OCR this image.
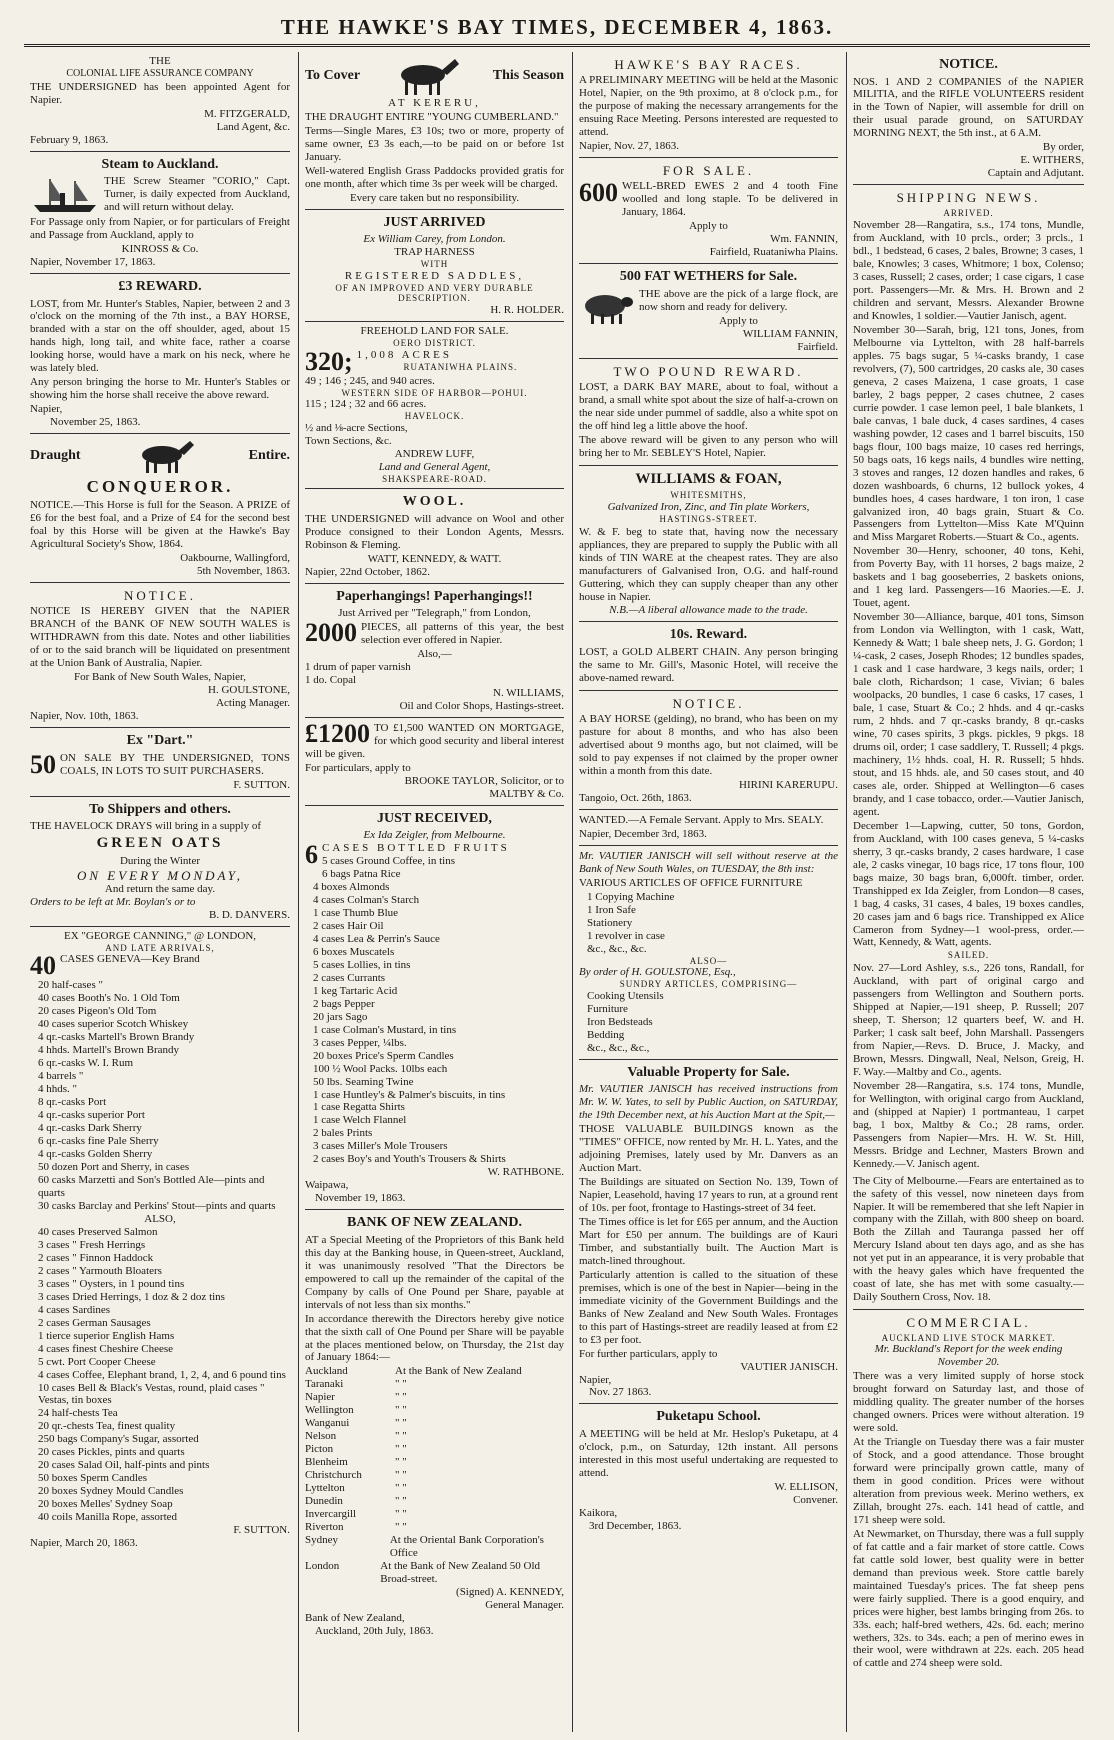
THE HAWKE'S BAY TIMES, DECEMBER 4, 1863.
THE
COLONIAL LIFE ASSURANCE COMPANY
THE UNDERSIGNED has been appointed Agent for Napier.
M. FITZGERALD,
Land Agent, &c.
February 9, 1863.
Steam to Auckland.
THE Screw Steamer "CORIO," Capt. Turner, is daily expected from Auckland, and will return without delay.
For Passage only from Napier, or for particulars of Freight and Passage from Auckland, apply to
KINROSS & Co.
Napier, November 17, 1863.
£3 REWARD.
LOST, from Mr. Hunter's Stables, Napier, between 2 and 3 o'clock on the morning of the 7th inst., a BAY HORSE, branded with a star on the off shoulder, aged, about 15 hands high, long tail, and white face, rather a coarse looking horse, would have a mark on his neck, where he was lately bled.
Any person bringing the horse to Mr. Hunter's Stables or showing him the horse shall receive the above reward.
Napier,
November 25, 1863.
Draught	Entire.
CONQUEROR.
NOTICE.—This Horse is full for the Season. A PRIZE of £6 for the best foal, and a Prize of £4 for the second best foal by this Horse will be given at the Hawke's Bay Agricultural Society's Show, 1864.
Oakbourne, Wallingford,
5th November, 1863.
NOTICE.
NOTICE IS HEREBY GIVEN that the NAPIER BRANCH of the BANK OF NEW SOUTH WALES is WITHDRAWN from this date. Notes and other liabilities of or to the said branch will be liquidated on presentment at the Union Bank of Australia, Napier.
For Bank of New South Wales, Napier,
H. GOULSTONE,
Acting Manager.
Napier, Nov. 10th, 1863.
Ex "Dart."
50 ON SALE BY THE UNDERSIGNED, TONS COALS, IN LOTS TO SUIT PURCHASERS.
F. SUTTON.
To Shippers and others.
THE HAVELOCK DRAYS will bring in a supply of
GREEN OATS
During the Winter
ON EVERY MONDAY,
And return the same day.
Orders to be left at Mr. Boylan's or to
B. D. DANVERS.
EX "GEORGE CANNING," @ LONDON,
AND LATE ARRIVALS,
40 CASES GENEVA—Key Brand
20 half-cases "
40 cases Booth's No. 1 Old Tom
20 cases Pigeon's Old Tom
40 cases superior Scotch Whiskey
4 qr.-casks Martell's Brown Brandy
4 hhds. Martell's Brown Brandy
6 qr.-casks W. I. Rum
4 barrels "
4 hhds. "
8 qr.-casks Port
4 qr.-casks superior Port
4 qr.-casks Dark Sherry
6 qr.-casks fine Pale Sherry
4 qr.-casks Golden Sherry
50 dozen Port and Sherry, in cases
60 casks Marzetti and Son's Bottled Ale—pints and quarts
30 casks Barclay and Perkins' Stout—pints and quarts
ALSO,
40 cases Preserved Salmon
3 cases " Fresh Herrings
2 cases " Finnon Haddock
2 cases " Yarmouth Bloaters
3 cases " Oysters, in 1 pound tins
3 cases Dried Herrings, 1 doz & 2 doz tins
4 cases Sardines
2 cases German Sausages
1 tierce superior English Hams
4 cases finest Cheshire Cheese
5 cwt. Port Cooper Cheese
4 cases Coffee, Elephant brand, 1, 2, 4, and 6 pound tins
10 cases Bell & Black's Vestas, round, plaid cases " Vestas, tin boxes
24 half-chests Tea
20 qr.-chests Tea, finest quality
250 bags Company's Sugar, assorted
20 cases Pickles, pints and quarts
20 cases Salad Oil, half-pints and pints
50 boxes Sperm Candles
20 boxes Sydney Mould Candles
20 boxes Melles' Sydney Soap
40 coils Manilla Rope, assorted
F. SUTTON.
Napier, March 20, 1863.
To Cover	This Season
AT KERERU,
THE DRAUGHT ENTIRE "YOUNG CUMBERLAND."
Terms—Single Mares, £3 10s; two or more, property of same owner, £3 3s each,—to be paid on or before 1st January.
Well-watered English Grass Paddocks provided gratis for one month, after which time 3s per week will be charged.
Every care taken but no responsibility.
JUST ARRIVED
Ex William Carey, from London.
TRAP HARNESS
WITH
REGISTERED SADDLES,
OF AN IMPROVED AND VERY DURABLE DESCRIPTION.
H. R. HOLDER.
FREEHOLD LAND FOR SALE.
OERO DISTRICT.
320; 1,008 ACRES
RUATANIWHA PLAINS.
49 ; 146 ; 245, and 940 acres.
WESTERN SIDE OF HARBOR—POHUI.
115 ; 124 ; 32 and 66 acres.
HAVELOCK.
½ and ⅛-acre Sections,
Town Sections, &c.
ANDREW LUFF,
Land and General Agent,
SHAKSPEARE-ROAD.
WOOL.
THE UNDERSIGNED will advance on Wool and other Produce consigned to their London Agents, Messrs. Robinson & Fleming.
WATT, KENNEDY, & WATT.
Napier, 22nd October, 1862.
Paperhangings! Paperhangings!!
Just Arrived per "Telegraph," from London,
2000 PIECES, all patterns of this year, the best selection ever offered in Napier.
Also,—
1 drum of paper varnish
1 do. Copal
N. WILLIAMS,
Oil and Color Shops, Hastings-street.
£1200 TO £1,500 WANTED ON MORTGAGE, for which good security and liberal interest will be given.
For particulars, apply to
BROOKE TAYLOR, Solicitor, or to
MALTBY & Co.
JUST RECEIVED,
Ex Ida Zeigler, from Melbourne.
6 CASES BOTTLED FRUITS
5 cases Ground Coffee, in tins
6 bags Patna Rice
4 boxes Almonds
4 cases Colman's Starch
1 case Thumb Blue
2 cases Hair Oil
4 cases Lea & Perrin's Sauce
6 boxes Muscatels
5 cases Lollies, in tins
2 cases Currants
1 keg Tartaric Acid
2 bags Pepper
20 jars Sago
1 case Colman's Mustard, in tins
3 cases Pepper, ¼lbs.
20 boxes Price's Sperm Candles
100 ½ Wool Packs. 10lbs each
50 lbs. Seaming Twine
1 case Huntley's & Palmer's biscuits, in tins
1 case Regatta Shirts
1 case Welch Flannel
2 bales Prints
3 cases Miller's Mole Trousers
2 cases Boy's and Youth's Trousers & Shirts
W. RATHBONE.
Waipawa,
November 19, 1863.
BANK OF NEW ZEALAND.
AT a Special Meeting of the Proprietors of this Bank held this day at the Banking house, in Queen-street, Auckland, it was unanimously resolved "That the Directors be empowered to call up the remainder of the capital of the Company by calls of One Pound per Share, payable at intervals of not less than six months."
In accordance therewith the Directors hereby give notice that the sixth call of One Pound per Share will be payable at the places mentioned below, on Thursday, the 21st day of January 1864:—
Auckland	At the Bank of New Zealand
Taranaki	" "
Napier	" "
Wellington	" "
Wanganui	" "
Nelson	" "
Picton	" "
Blenheim	" "
Christchurch	" "
Lyttelton	" "
Dunedin	" "
Invercargill	" "
Riverton	" "
Sydney	At the Oriental Bank Corporation's Office
London	At the Bank of New Zealand 50 Old Broad-street.
(Signed) A. KENNEDY,
General Manager.
Bank of New Zealand,
Auckland, 20th July, 1863.
HAWKE'S BAY RACES.
A PRELIMINARY MEETING will be held at the Masonic Hotel, Napier, on the 9th proximo, at 8 o'clock p.m., for the purpose of making the necessary arrangements for the ensuing Race Meeting. Persons interested are requested to attend.
Napier, Nov. 27, 1863.
FOR SALE.
600 WELL-BRED EWES 2 and 4 tooth Fine woolled and long staple. To be delivered in January, 1864.
Apply to
Wm. FANNIN,
Fairfield, Ruataniwha Plains.
500 FAT WETHERS for Sale.
THE above are the pick of a large flock, are now shorn and ready for delivery.
Apply to
WILLIAM FANNIN,
Fairfield.
TWO POUND REWARD.
LOST, a DARK BAY MARE, about to foal, without a brand, a small white spot about the size of half-a-crown on the near side under pummel of saddle, also a white spot on the off hind leg a little above the hoof.
The above reward will be given to any person who will bring her to Mr. SEBLEY'S Hotel, Napier.
WILLIAMS & FOAN,
WHITESMITHS,
Galvanized Iron, Zinc, and Tin plate Workers,
HASTINGS-STREET.
W. & F. beg to state that, having now the necessary appliances, they are prepared to supply the Public with all kinds of TIN WARE at the cheapest rates. They are also manufacturers of Galvanised Iron, O.G. and half-round Guttering, which they can supply cheaper than any other house in Napier.
N.B.—A liberal allowance made to the trade.
10s. Reward.
LOST, a GOLD ALBERT CHAIN. Any person bringing the same to Mr. Gill's, Masonic Hotel, will receive the above-named reward.
NOTICE.
A BAY HORSE (gelding), no brand, who has been on my pasture for about 8 months, and who has also been advertised about 9 months ago, but not claimed, will be sold to pay expenses if not claimed by the proper owner within a month from this date.
HIRINI KARERUPU.
Tangoio, Oct. 26th, 1863.
WANTED.—A Female Servant. Apply to Mrs. SEALY.
Napier, December 3rd, 1863.
Mr. VAUTIER JANISCH will sell without reserve at the Bank of New South Wales, on TUESDAY, the 8th inst:
VARIOUS ARTICLES OF OFFICE FURNITURE
1 Copying Machine
1 Iron Safe
Stationery
1 revolver in case
&c., &c., &c.
ALSO—
By order of H. GOULSTONE, Esq.,
SUNDRY ARTICLES, COMPRISING—
Cooking Utensils
Furniture
Iron Bedsteads
Bedding
&c., &c., &c.,
Valuable Property for Sale.
Mr. VAUTIER JANISCH has received instructions from Mr. W. W. Yates, to sell by Public Auction, on SATURDAY, the 19th December next, at his Auction Mart at the Spit,—
THOSE VALUABLE BUILDINGS known as the "TIMES" OFFICE, now rented by Mr. H. L. Yates, and the adjoining Premises, lately used by Mr. Danvers as an Auction Mart.
The Buildings are situated on Section No. 139, Town of Napier, Leasehold, having 17 years to run, at a ground rent of 10s. per foot, frontage to Hastings-street of 34 feet.
The Times office is let for £65 per annum, and the Auction Mart for £50 per annum. The buildings are of Kauri Timber, and substantially built. The Auction Mart is match-lined throughout.
Particularly attention is called to the situation of these premises, which is one of the best in Napier—being in the immediate vicinity of the Government Buildings and the Banks of New Zealand and New South Wales. Frontages to this part of Hastings-street are readily leased at from £2 to £3 per foot.
For further particulars, apply to
VAUTIER JANISCH.
Napier,
Nov. 27 1863.
Puketapu School.
A MEETING will be held at Mr. Heslop's Puketapu, at 4 o'clock, p.m., on Saturday, 12th instant. All persons interested in this most useful undertaking are requested to attend.
W. ELLISON,
Convener.
Kaikora,
3rd December, 1863.
NOTICE.
NOS. 1 AND 2 COMPANIES of the NAPIER MILITIA, and the RIFLE VOLUNTEERS resident in the Town of Napier, will assemble for drill on their usual parade ground, on SATURDAY MORNING NEXT, the 5th inst., at 6 A.M.
By order,
E. WITHERS,
Captain and Adjutant.
SHIPPING NEWS.
ARRIVED.
November 28—Rangatira, s.s., 174 tons, Mundle, from Auckland, with 10 prcls., order; 3 prcls., 1 bdl., 1 bedstead, 6 cases, 2 bales, Browne; 3 cases, 1 bale, Knowles; 3 cases, Whitmore; 1 box, Colenso; 3 cases, Russell; 2 cases, order; 1 case cigars, 1 case port. Passengers—Mr. & Mrs. H. Brown and 2 children and servant, Messrs. Alexander Browne and Knowles, 1 soldier.—Vautier Janisch, agent.
November 30—Sarah, brig, 121 tons, Jones, from Melbourne via Lyttelton, with 28 half-barrels apples. 75 bags sugar, 5 ¼-casks brandy, 1 case revolvers, (7), 500 cartridges, 20 casks ale, 30 cases geneva, 2 cases Maizena, 1 case groats, 1 case barley, 2 bags pepper, 2 cases chutnee, 2 cases currie powder. 1 case lemon peel, 1 bale blankets, 1 bale canvas, 1 bale duck, 4 cases sardines, 4 cases washing powder, 12 cases and 1 barrel biscuits, 150 bags flour, 100 bags maize, 10 cases red herrings, 50 bags oats, 16 kegs nails, 4 bundles wire netting, 3 stoves and ranges, 12 dozen handles and rakes, 6 dozen washboards, 6 churns, 12 bullock yokes, 4 bundles hoes, 4 cases hardware, 1 ton iron, 1 case galvanized iron, 40 bags grain, Stuart & Co. Passengers from Lyttelton—Miss Kate M'Quinn and Miss Margaret Roberts.—Stuart & Co., agents.
November 30—Henry, schooner, 40 tons, Kehi, from Poverty Bay, with 11 horses, 2 bags maize, 2 baskets and 1 bag gooseberries, 2 baskets onions, and 1 keg lard. Passengers—16 Maories.—E. J. Touet, agent.
November 30—Alliance, barque, 401 tons, Simson from London via Wellington, with 1 cask, Watt, Kennedy & Watt; 1 bale sheep nets, J. G. Gordon; 1 ¼-cask, 2 cases, Joseph Rhodes; 12 bundles spades, 1 cask and 1 case hardware, 3 kegs nails, order; 1 bale cloth, Richardson; 1 case, Vivian; 6 bales woolpacks, 20 bundles, 1 case 6 casks, 17 cases, 1 bale, 1 case, Stuart & Co.; 2 hhds. and 4 qr.-casks rum, 2 hhds. and 7 qr.-casks brandy, 8 qr.-casks wine, 70 cases spirits, 3 pkgs. pickles, 9 pkgs. 18 drums oil, order; 1 case saddlery, T. Russell; 4 pkgs. machinery, 1½ hhds. coal, H. R. Russell; 5 hhds. stout, and 15 hhds. ale, and 50 cases stout, and 40 cases ale, order. Shipped at Wellington—6 cases brandy, and 1 case tobacco, order.—Vautier Janisch, agent.
December 1—Lapwing, cutter, 50 tons, Gordon, from Auckland, with 100 cases geneva, 5 ¼-casks sherry, 3 qr.-casks brandy, 2 cases hardware, 1 case ale, 2 casks vinegar, 10 bags rice, 17 tons flour, 100 bags maize, 30 bags bran, 6,000ft. timber, order. Transhipped ex Ida Zeigler, from London—8 cases, 1 bag, 4 casks, 31 cases, 4 bales, 19 boxes candles, 20 cases jam and 6 bags rice. Transhipped ex Alice Cameron from Sydney—1 wool-press, order.—Watt, Kennedy, & Watt, agents.
SAILED.
Nov. 27—Lord Ashley, s.s., 226 tons, Randall, for Auckland, with part of original cargo and passengers from Wellington and Southern ports. Shipped at Napier,—191 sheep, P. Russell; 207 sheep, T. Sherson; 12 quarters beef, W. and H. Parker; 1 cask salt beef, John Marshall. Passengers from Napier,—Revs. D. Bruce, J. Macky, and Brown, Messrs. Dingwall, Neal, Nelson, Greig, H. F. Way.—Maltby and Co., agents.
November 28—Rangatira, s.s. 174 tons, Mundle, for Wellington, with original cargo from Auckland, and (shipped at Napier) 1 portmanteau, 1 carpet bag, 1 box, Maltby & Co.; 28 rams, order. Passengers from Napier—Mrs. H. W. St. Hill, Messrs. Bridge and Lechner, Masters Brown and Kennedy.—V. Janisch agent.
The City of Melbourne.—Fears are entertained as to the safety of this vessel, now nineteen days from Napier. It will be remembered that she left Napier in company with the Zillah, with 800 sheep on board. Both the Zillah and Tauranga passed her off Mercury Island about ten days ago, and as she has not yet put in an appearance, it is very probable that with the heavy gales which have frequented the coast of late, she has met with some casualty.—Daily Southern Cross, Nov. 18.
COMMERCIAL.
AUCKLAND LIVE STOCK MARKET.
Mr. Buckland's Report for the week ending November 20.
There was a very limited supply of horse stock brought forward on Saturday last, and those of middling quality. The greater number of the horses changed owners. Prices were without alteration. 19 were sold.
At the Triangle on Tuesday there was a fair muster of Stock, and a good attendance. Those brought forward were principally grown cattle, many of them in good condition. Prices were without alteration from previous week. Merino wethers, ex Zillah, brought 27s. each. 141 head of cattle, and 171 sheep were sold.
At Newmarket, on Thursday, there was a full supply of fat cattle and a fair market of store cattle. Cows fat cattle sold lower, best quality were in better demand than previous week. Store cattle barely maintained Tuesday's prices. The fat sheep pens were fairly supplied. There is a good enquiry, and prices were higher, best lambs bringing from 26s. to 33s. each; half-bred wethers, 42s. 6d. each; merino wethers, 32s. to 34s. each; a pen of merino ewes in their wool, were withdrawn at 22s. each. 205 head of cattle and 274 sheep were sold.
